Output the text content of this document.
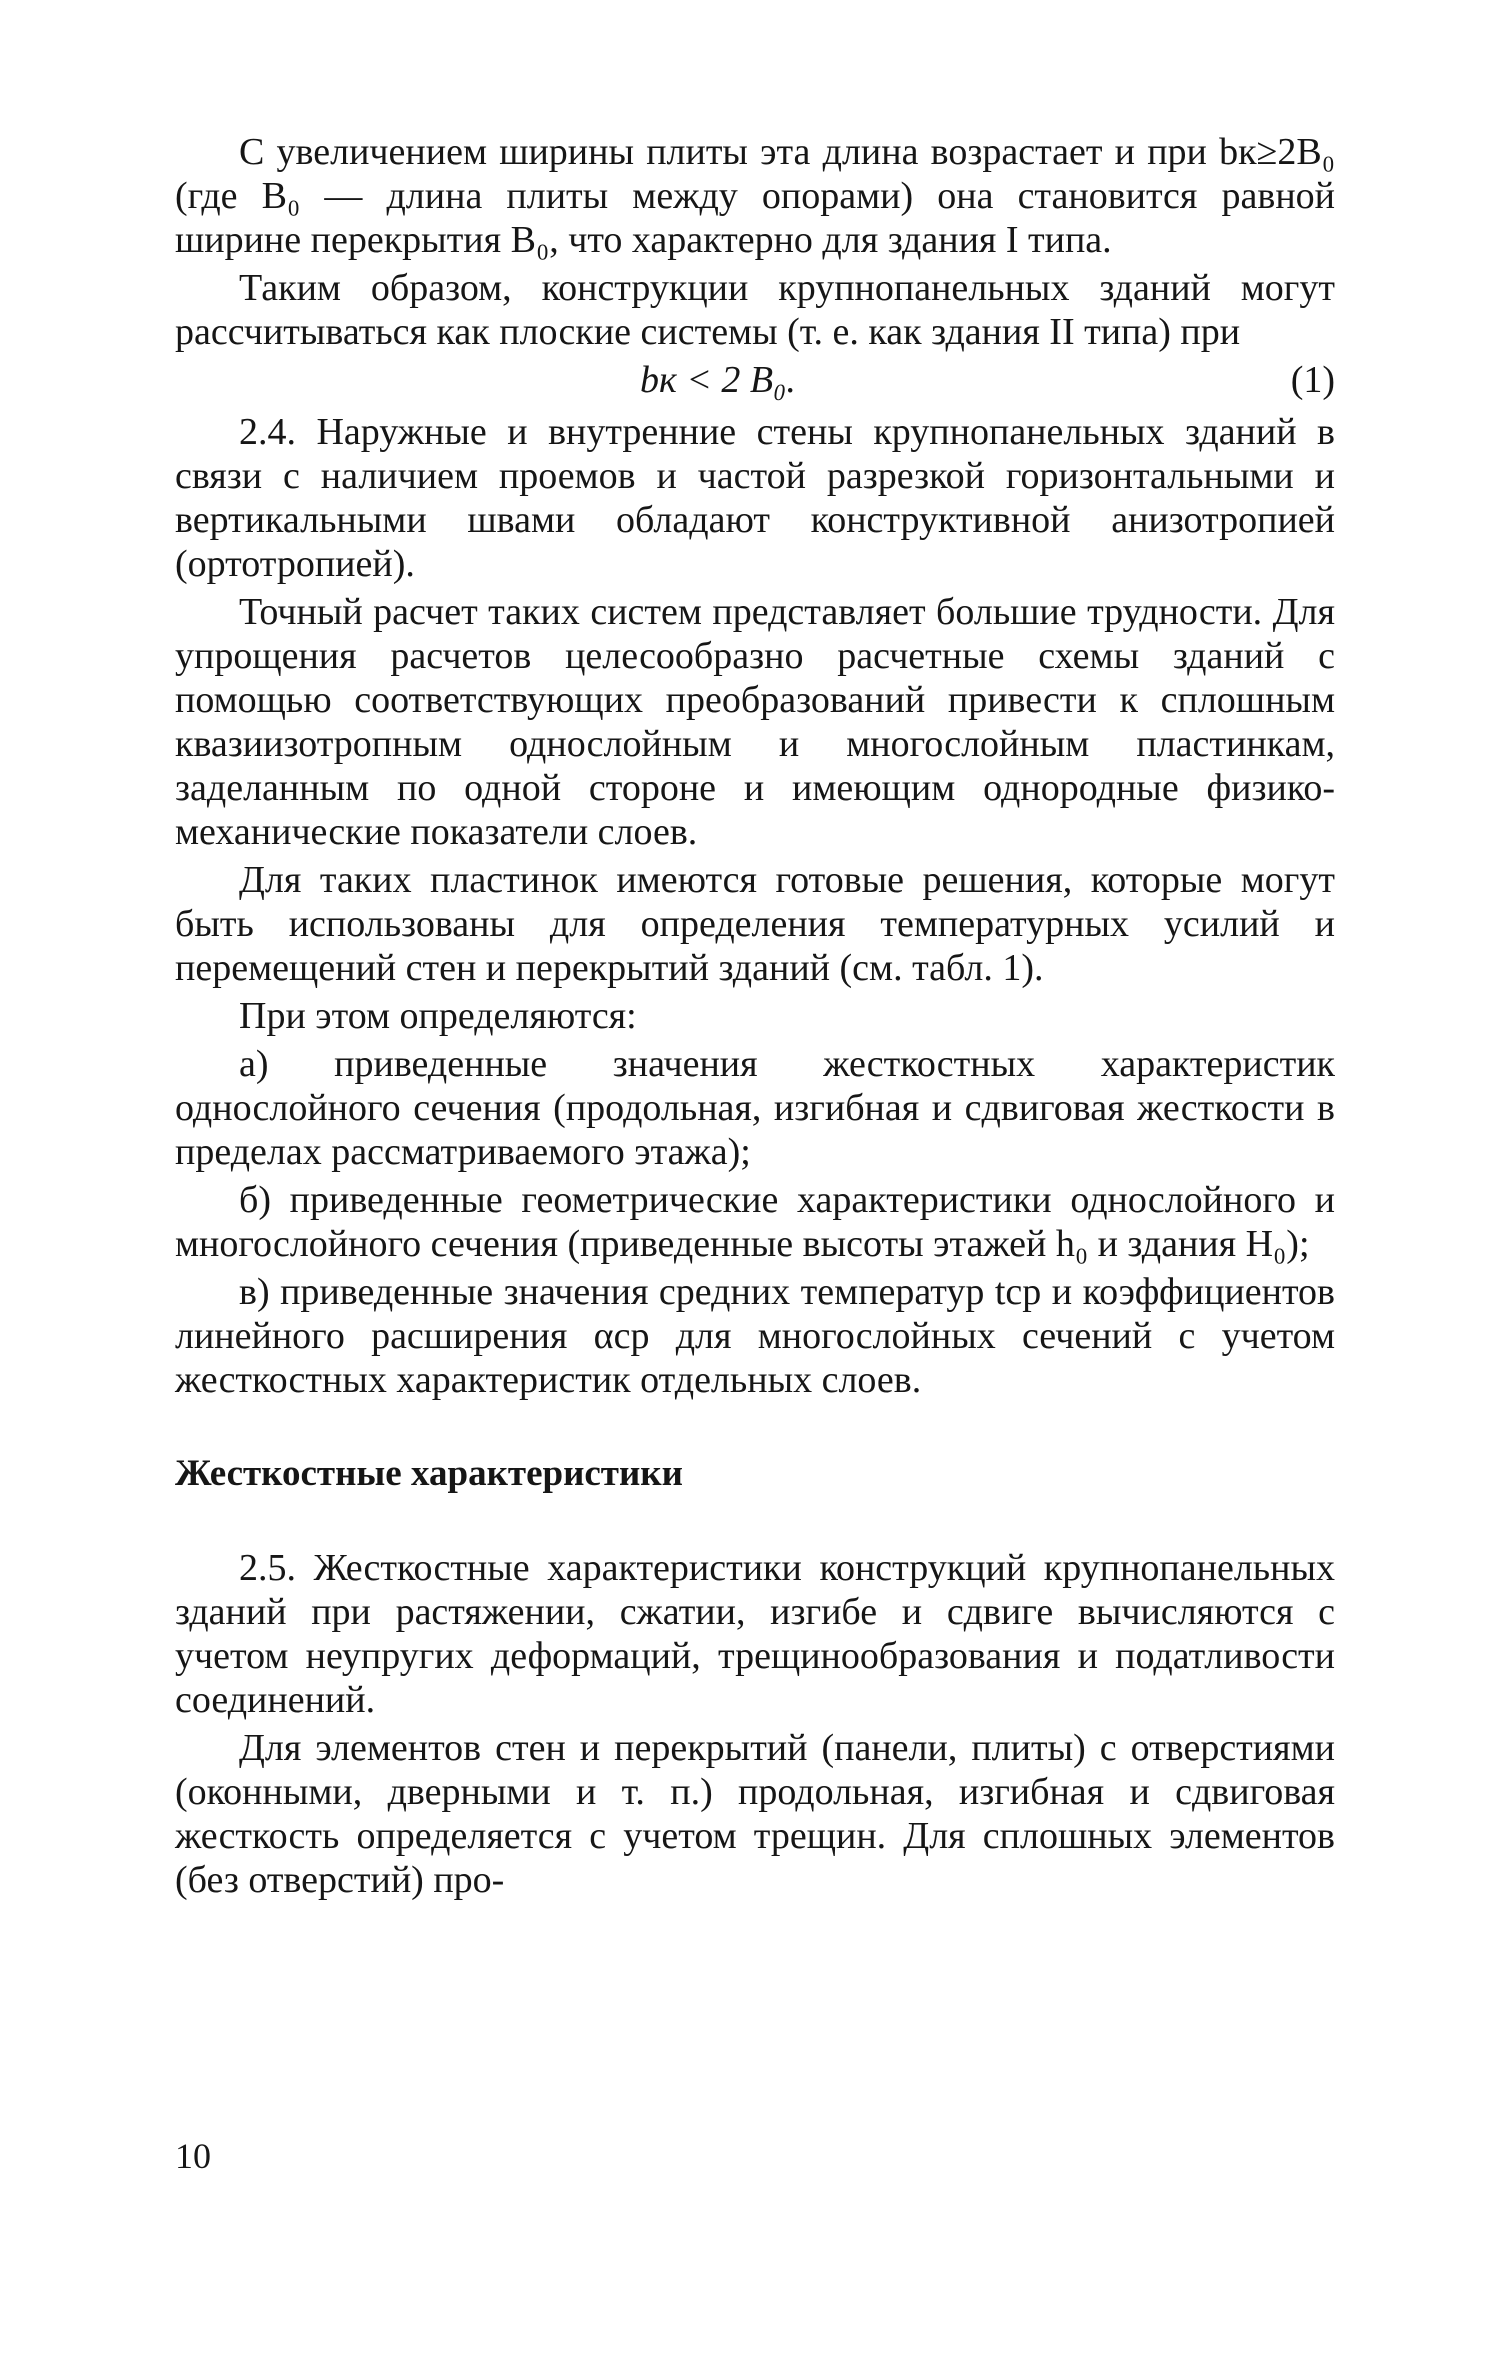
С увеличением ширины плиты эта длина возрастает и при bк≥2B₀ (где B₀ — длина плиты между опорами) она становится равной ширине перекрытия B₀, что характерно для здания I типа.

Таким образом, конструкции крупнопанельных зданий могут рассчитываться как плоские системы (т. е. как здания II типа) при

bк < 2 B₀.	(1)

2.4. Наружные и внутренние стены крупнопанельных зданий в связи с наличием проемов и частой разрезкой горизонтальными и вертикальными швами обладают конструктивной анизотропией (ортотропией).

Точный расчет таких систем представляет большие трудности. Для упрощения расчетов целесообразно расчетные схемы зданий с помощью соответствующих преобразований привести к сплошным квазиизотропным однослойным и многослойным пластинкам, заделанным по одной стороне и имеющим однородные физико-механические показатели слоев.

Для таких пластинок имеются готовые решения, которые могут быть использованы для определения температурных усилий и перемещений стен и перекрытий зданий (см. табл. 1).

При этом определяются:

а) приведенные значения жесткостных характеристик однослойного сечения (продольная, изгибная и сдвиговая жесткости в пределах рассматриваемого этажа);

б) приведенные геометрические характеристики однослойного и многослойного сечения (приведенные высоты этажей h₀ и здания H₀);

в) приведенные значения средних температур tср и коэффициентов линейного расширения αср для многослойных сечений с учетом жесткостных характеристик отдельных слоев.

Жесткостные характеристики

2.5. Жесткостные характеристики конструкций крупнопанельных зданий при растяжении, сжатии, изгибе и сдвиге вычисляются с учетом неупругих деформаций, трещинообразования и податливости соединений.

Для элементов стен и перекрытий (панели, плиты) с отверстиями (оконными, дверными и т. п.) продольная, изгибная и сдвиговая жесткость определяется с учетом трещин. Для сплошных элементов (без отверстий) про-

10
